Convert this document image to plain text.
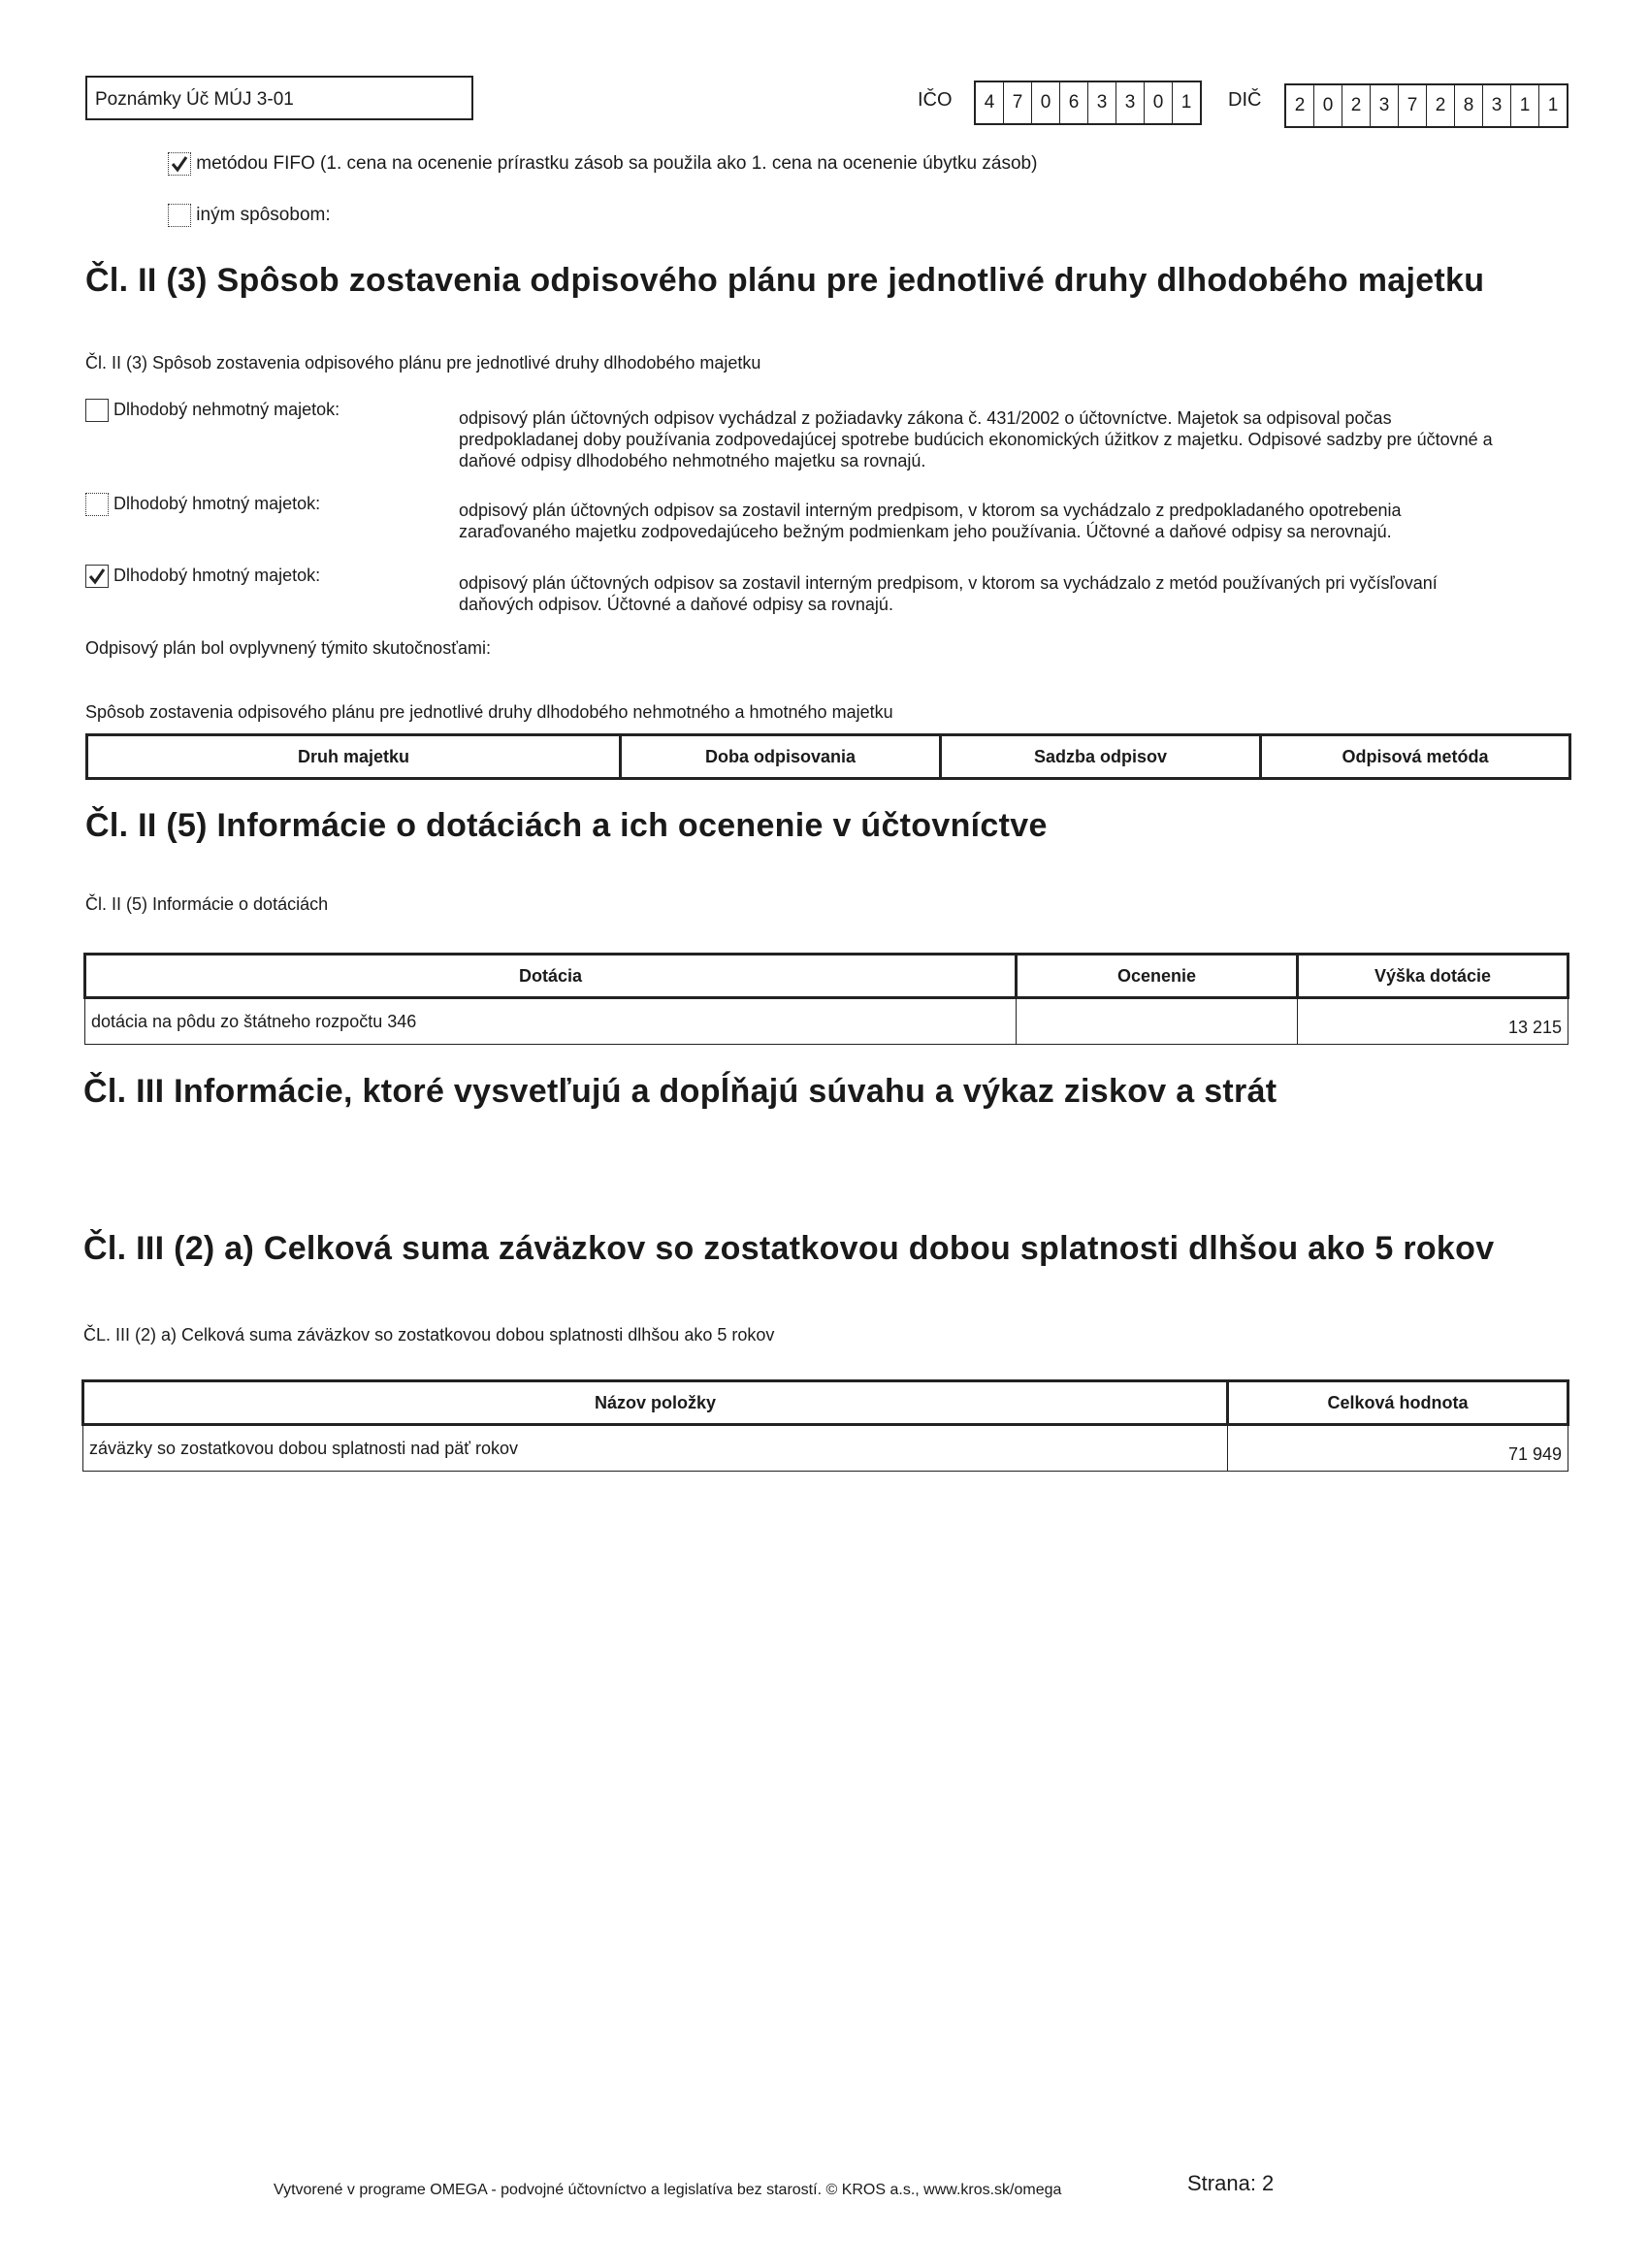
Poznámky Úč MÚJ 3-01	IČO	4 7 0 6 3 3 0 1	DIČ	2 0 2 3 7 2 8 3 1 1
metódou FIFO (1. cena na ocenenie prírastku zásob sa použila ako 1. cena na ocenenie úbytku zásob)
iným spôsobom:
Čl. II (3) Spôsob zostavenia odpisového plánu pre jednotlivé druhy dlhodobého majetku
Čl. II (3) Spôsob zostavenia odpisového plánu pre jednotlivé druhy dlhodobého majetku
Dlhodobý nehmotný majetok:	odpisový plán účtovných odpisov vychádzal z požiadavky zákona č. 431/2002 o účtovníctve. Majetok sa odpisoval počas predpokladanej doby používania zodpovedajúcej spotrebe budúcich ekonomických úžitkov z majetku. Odpisové sadzby pre účtovné a daňové odpisy dlhodobého nehmotného majetku sa rovnajú.
Dlhodobý hmotný majetok:	odpisový plán účtovných odpisov sa zostavil interným predpisom, v ktorom sa vychádzalo z predpokladaného opotrebenia zaraďovaného majetku zodpovedajúceho bežným podmienkam jeho používania. Účtovné a daňové odpisy sa nerovnajú.
Dlhodobý hmotný majetok:	odpisový plán účtovných odpisov sa zostavil interným predpisom, v ktorom sa vychádzalo z metód používaných pri vyčísľovaní daňových odpisov. Účtovné a daňové odpisy sa rovnajú.
Odpisový plán bol ovplyvnený týmito skutočnosťami:
Spôsob zostavenia odpisového plánu pre jednotlivé druhy dlhodobého nehmotného a hmotného majetku
Druh majetku	Doba odpisovania	Sadzba odpisov	Odpisová metóda
Čl. II (5) Informácie o dotáciách a ich ocenenie v účtovníctve
Čl. II (5) Informácie o dotáciách
Dotácia	Ocenenie	Výška dotácie
dotácia na pôdu zo štátneho rozpočtu 346		13 215
Čl. III Informácie, ktoré vysvetľujú a dopĺňajú súvahu a výkaz ziskov a strát
Čl. III (2) a) Celková suma záväzkov so zostatkovou dobou splatnosti dlhšou ako 5 rokov
ČL. III (2) a) Celková suma záväzkov so zostatkovou dobou splatnosti dlhšou ako 5 rokov
Názov položky	Celková hodnota
záväzky so zostatkovou dobou splatnosti nad päť rokov	71 949
Vytvorené v programe OMEGA - podvojné účtovníctvo a legislatíva bez starostí. © KROS a.s., www.kros.sk/omega	Strana: 2
